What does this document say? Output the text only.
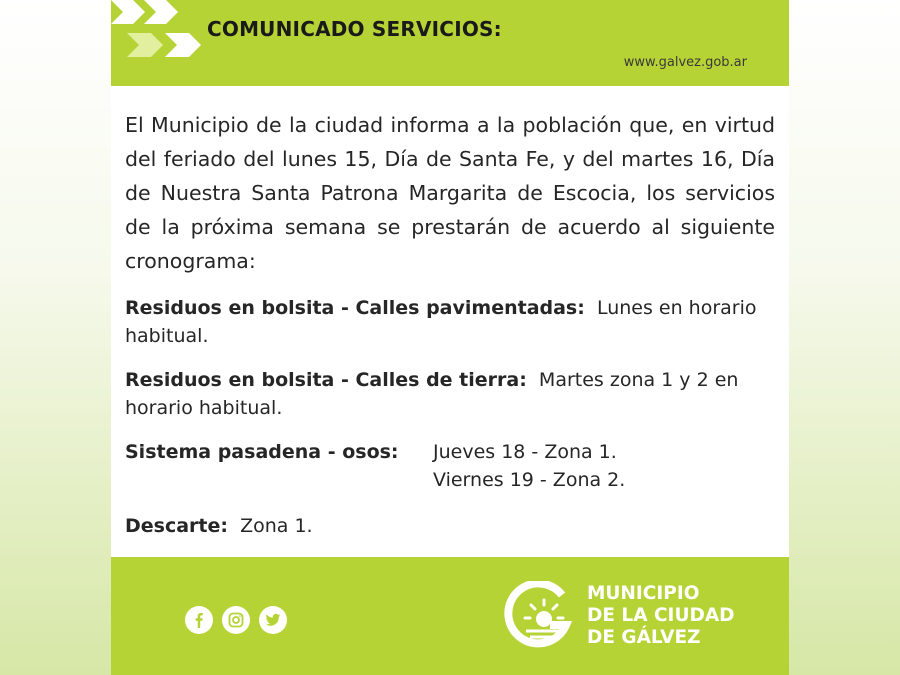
COMUNICADO SERVICIOS:
www.galvez.gob.ar

El Municipio de la ciudad informa a la población que, en virtud del feriado del lunes 15, Día de Santa Fe, y del martes 16, Día de Nuestra Santa Patrona Margarita de Escocia, los servicios de la próxima semana se prestarán de acuerdo al siguiente cronograma:

Residuos en bolsita - Calles pavimentadas: Lunes en horario habitual.
Residuos en bolsita - Calles de tierra: Martes zona 1 y 2 en horario habitual.
Sistema pasadena - osos:	Jueves 18 - Zona 1.
Viernes 19 - Zona 2.
Descarte: Zona 1.
MUNICIPIO
DE LA CIUDAD
DE GÁLVEZ
